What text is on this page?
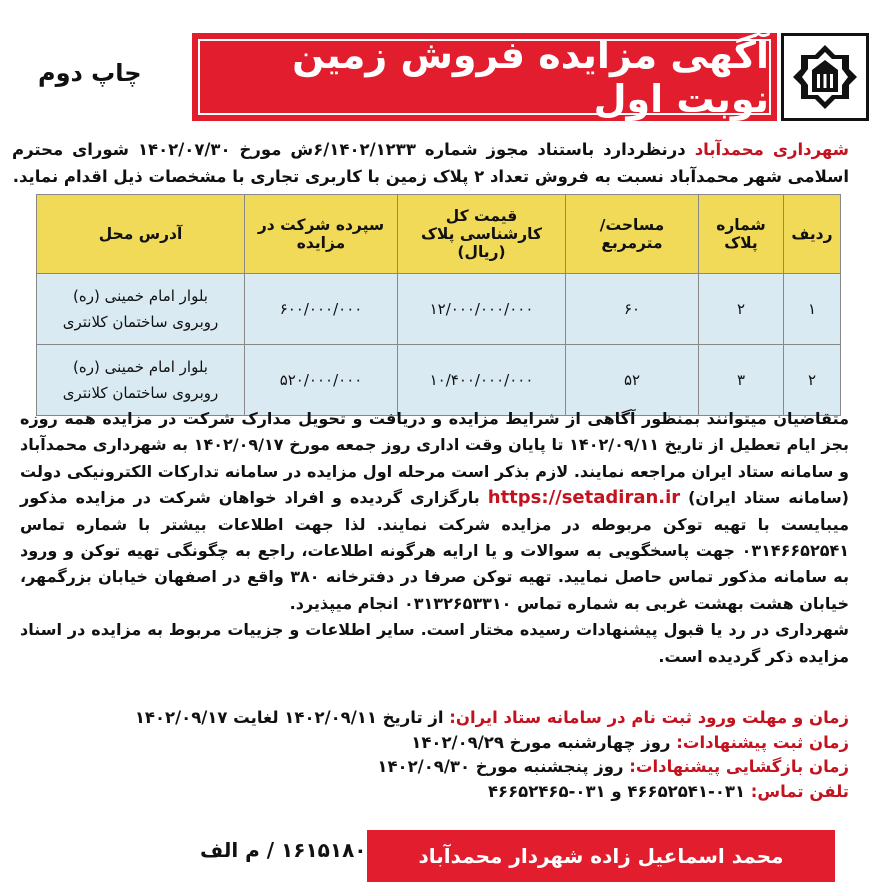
آگهی مزایده فروش زمین نوبت اول
چاپ دوم
شهرداری محمدآباد درنظردارد باستناد مجوز شماره ۶/۱۴۰۲/۱۲۳۳ش مورخ ۱۴۰۲/۰۷/۳۰ شورای محترم اسلامی شهر محمدآباد نسبت به فروش تعداد ۲ پلاک زمین با کاربری تجاری با مشخصات ذیل اقدام نماید.
ردیف	شماره پلاک	مساحت/مترمربع	قیمت کل کارشناسی پلاک (ریال)	سپرده شرکت در مزایده	آدرس محل
۱	۲	۶۰	۱۲/۰۰۰/۰۰۰/۰۰۰	۶۰۰/۰۰۰/۰۰۰	بلوار امام خمینی (ره)
روبروی ساختمان کلانتری

۲	۳	۵۲	۱۰/۴۰۰/۰۰۰/۰۰۰	۵۲۰/۰۰۰/۰۰۰	بلوار امام خمینی (ره)
روبروی ساختمان کلانتری
متقاضیان میتوانند بمنظور آگاهی از شرایط مزایده و دریافت و تحویل مدارک شرکت در مزایده همه روزه بجز ایام تعطیل از تاریخ ۱۴۰۲/۰۹/۱۱ تا پایان وقت اداری روز جمعه مورخ ۱۴۰۲/۰۹/۱۷ به شهرداری محمدآباد و سامانه ستاد ایران مراجعه نمایند. لازم بذکر است مرحله اول مزایده در سامانه تدارکات الکترونیکی دولت (سامانه ستاد ایران) https://setadiran.ir بارگزاری گردیده و افراد خواهان شرکت در مزایده مذکور میبایست با تهیه توکن مربوطه در مزایده شرکت نمایند. لذا جهت اطلاعات بیشتر با شماره تماس ۰۳۱۴۶۶۵۲۵۴۱ جهت پاسخگویی به سوالات و یا ارایه هرگونه اطلاعات، راجع به چگونگی تهیه توکن و ورود به سامانه مذکور تماس حاصل نمایید. تهیه توکن صرفا در دفترخانه ۳۸۰ واقع در اصفهان خیابان بزرگمهر، خیابان هشت بهشت غربی به شماره تماس ۰۳۱۳۲۶۵۳۳۱۰ انجام میپذیرد.
شهرداری در رد یا قبول پیشنهادات رسیده مختار است. سایر اطلاعات و جزییات مربوط به مزایده در اسناد مزایده ذکر گردیده است.
زمان و مهلت ورود ثبت نام در سامانه ستاد ایران: از تاریخ ۱۴۰۲/۰۹/۱۱ لغایت ۱۴۰۲/۰۹/۱۷
زمان ثبت پیشنهادات: روز چهارشنبه مورخ ۱۴۰۲/۰۹/۲۹
زمان بازگشایی پیشنهادات: روز پنجشنبه مورخ ۱۴۰۲/۰۹/۳۰
تلفن تماس: ۰۳۱-۴۶۶۵۲۵۴۱ و ۰۳۱-۴۶۶۵۲۴۶۵
محمد اسماعیل زاده شهردار محمدآباد
۱۶۱۵۱۸۰ / م الف
